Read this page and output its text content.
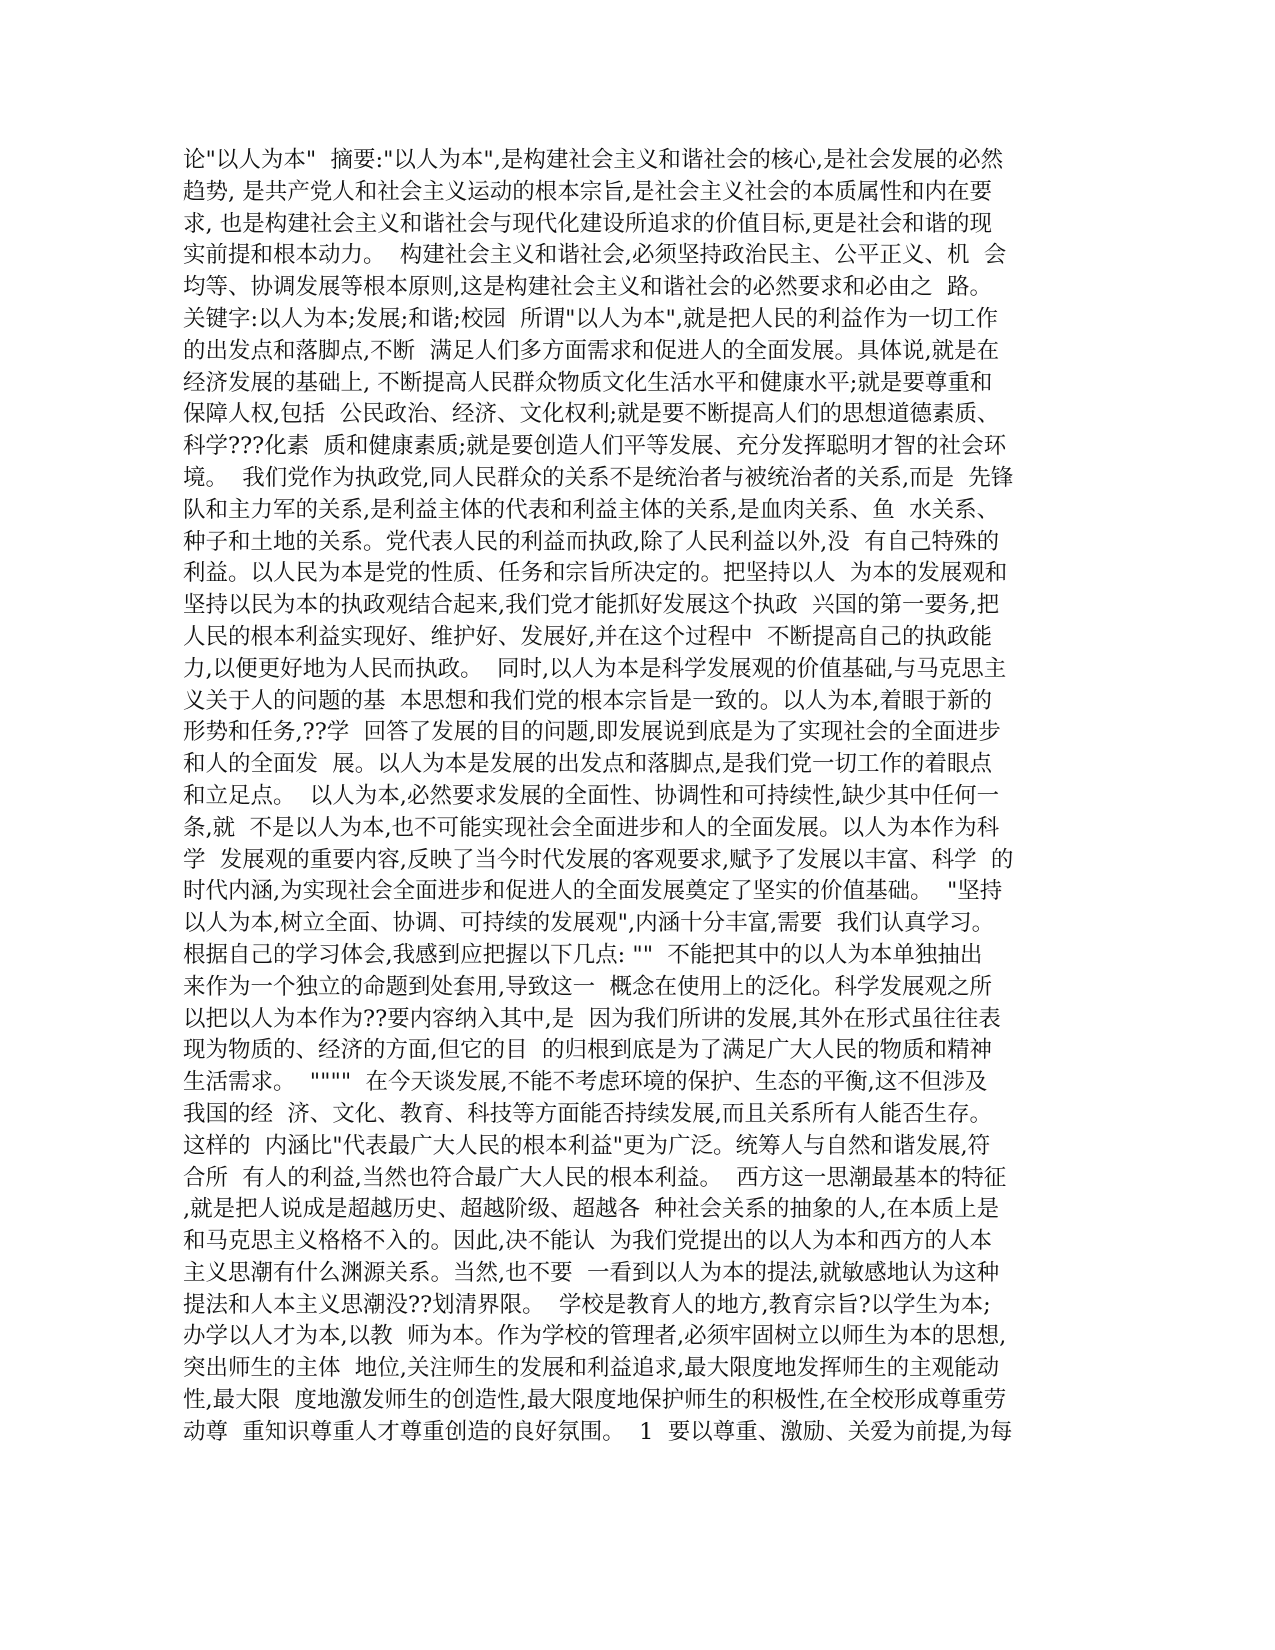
论"以人为本"  摘要:"以人为本",是构建社会主义和谐社会的核心,是社会发展的必然
趋势, 是共产党人和社会主义运动的根本宗旨,是社会主义社会的本质属性和内在要
求, 也是构建社会主义和谐社会与现代化建设所追求的价值目标,更是社会和谐的现
实前提和根本动力。  构建社会主义和谐社会,必须坚持政治民主、公平正义、机  会
均等、协调发展等根本原则,这是构建社会主义和谐社会的必然要求和必由之  路。
关键字:以人为本;发展;和谐;校园  所谓"以人为本",就是把人民的利益作为一切工作
的出发点和落脚点,不断  满足人们多方面需求和促进人的全面发展。具体说,就是在
经济发展的基础上, 不断提高人民群众物质文化生活水平和健康水平;就是要尊重和
保障人权,包括  公民政治、经济、文化权利;就是要不断提高人们的思想道德素质、
科学???化素  质和健康素质;就是要创造人们平等发展、充分发挥聪明才智的社会环
境。  我们党作为执政党,同人民群众的关系不是统治者与被统治者的关系,而是  先锋
队和主力军的关系,是利益主体的代表和利益主体的关系,是血肉关系、鱼  水关系、
种子和土地的关系。党代表人民的利益而执政,除了人民利益以外,没  有自己特殊的
利益。以人民为本是党的性质、任务和宗旨所决定的。把坚持以人  为本的发展观和
坚持以民为本的执政观结合起来,我们党才能抓好发展这个执政  兴国的第一要务,把
人民的根本利益实现好、维护好、发展好,并在这个过程中  不断提高自己的执政能
力,以便更好地为人民而执政。  同时,以人为本是科学发展观的价值基础,与马克思主
义关于人的问题的基  本思想和我们党的根本宗旨是一致的。以人为本,着眼于新的
形势和任务,??学  回答了发展的目的问题,即发展说到底是为了实现社会的全面进步
和人的全面发  展。以人为本是发展的出发点和落脚点,是我们党一切工作的着眼点
和立足点。  以人为本,必然要求发展的全面性、协调性和可持续性,缺少其中任何一
条,就  不是以人为本,也不可能实现社会全面进步和人的全面发展。以人为本作为科
学  发展观的重要内容,反映了当今时代发展的客观要求,赋予了发展以丰富、科学  的
时代内涵,为实现社会全面进步和促进人的全面发展奠定了坚实的价值基础。  "坚持
以人为本,树立全面、协调、可持续的发展观",内涵十分丰富,需要  我们认真学习。
根据自己的学习体会,我感到应把握以下几点: ""  不能把其中的以人为本单独抽出
来作为一个独立的命题到处套用,导致这一  概念在使用上的泛化。科学发展观之所
以把以人为本作为??要内容纳入其中,是  因为我们所讲的发展,其外在形式虽往往表
现为物质的、经济的方面,但它的目  的归根到底是为了满足广大人民的物质和精神
生活需求。  """"  在今天谈发展,不能不考虑环境的保护、生态的平衡,这不但涉及
我国的经  济、文化、教育、科技等方面能否持续发展,而且关系所有人能否生存。
这样的  内涵比"代表最广大人民的根本利益"更为广泛。统筹人与自然和谐发展,符
合所  有人的利益,当然也符合最广大人民的根本利益。  西方这一思潮最基本的特征
,就是把人说成是超越历史、超越阶级、超越各  种社会关系的抽象的人,在本质上是
和马克思主义格格不入的。因此,决不能认  为我们党提出的以人为本和西方的人本
主义思潮有什么渊源关系。当然,也不要  一看到以人为本的提法,就敏感地认为这种
提法和人本主义思潮没??划清界限。  学校是教育人的地方,教育宗旨?以学生为本;
办学以人才为本,以教  师为本。作为学校的管理者,必须牢固树立以师生为本的思想,
突出师生的主体  地位,关注师生的发展和利益追求,最大限度地发挥师生的主观能动
性,最大限  度地激发师生的创造性,最大限度地保护师生的积极性,在全校形成尊重劳
动尊  重知识尊重人才尊重创造的良好氛围。  1  要以尊重、激励、关爱为前提,为每
